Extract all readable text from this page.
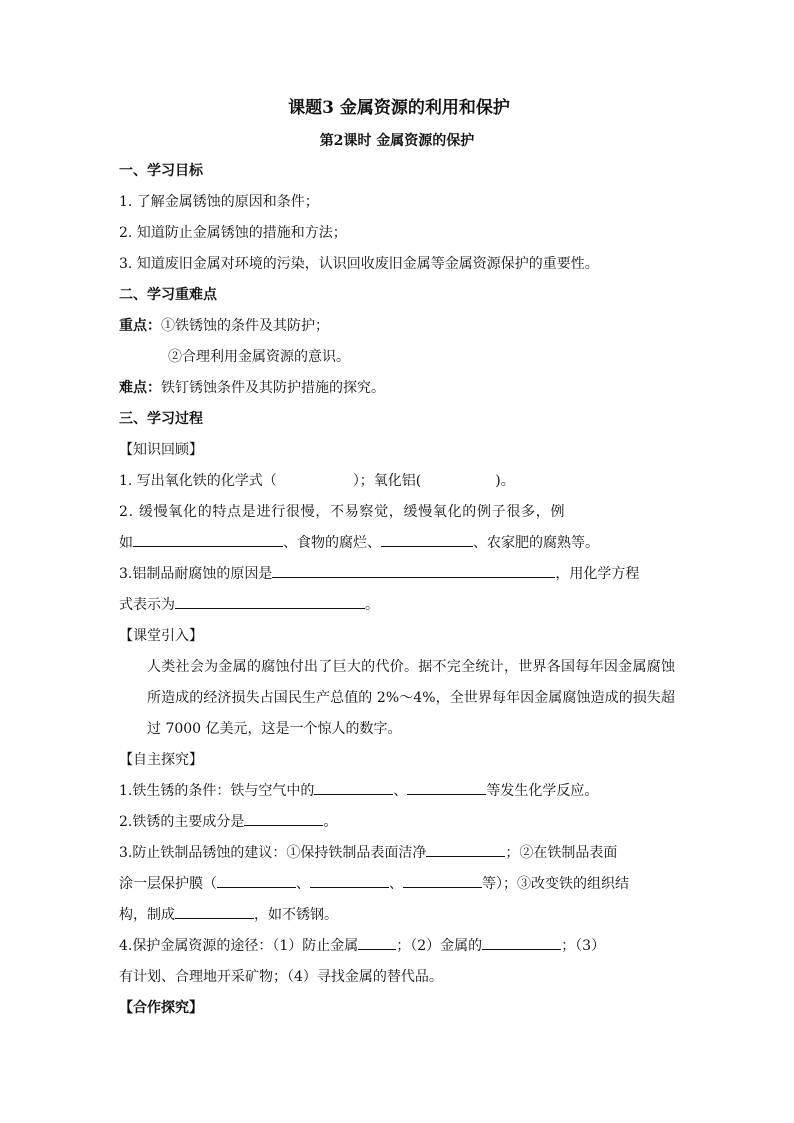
课题3 金属资源的利用和保护

第2课时 金属资源的保护

一、学习目标

1. 了解金属锈蚀的原因和条件；

2. 知道防止金属锈蚀的措施和方法；

3. 知道废旧金属对环境的污染，认识回收废旧金属等金属资源保护的重要性。

二、学习重难点

重点：①铁锈蚀的条件及其防护；

②合理利用金属资源的意识。

难点：铁钉锈蚀条件及其防护措施的探究。

三、学习过程

【知识回顾】

1. 写出氧化铁的化学式（	）；氧化铝(	)。

2. 缓慢氧化的特点是进行很慢，不易察觉，缓慢氧化的例子很多，例

如	、食物的腐烂、	、农家肥的腐熟等。

3.铝制品耐腐蚀的原因是	，用化学方程

式表示为	。

【课堂引入】

人类社会为金属的腐蚀付出了巨大的代价。据不完全统计，世界各国每年因金属腐蚀所造成的经济损失占国民生产总值的 2%～4%，全世界每年因金属腐蚀造成的损失超过 7000 亿美元，这是一个惊人的数字。

【自主探究】

1.铁生锈的条件：铁与空气中的	、	等发生化学反应。

2.铁锈的主要成分是	。

3.防止铁制品锈蚀的建议：①保持铁制品表面洁净	；②在铁制品表面

涂一层保护膜（	、	、	等）；③改变铁的组织结

构，制成	，如不锈钢。

4.保护金属资源的途径：（1）防止金属	；（2）金属的	；（3）

有计划、合理地开采矿物；（4）寻找金属的替代品。

【合作探究】
